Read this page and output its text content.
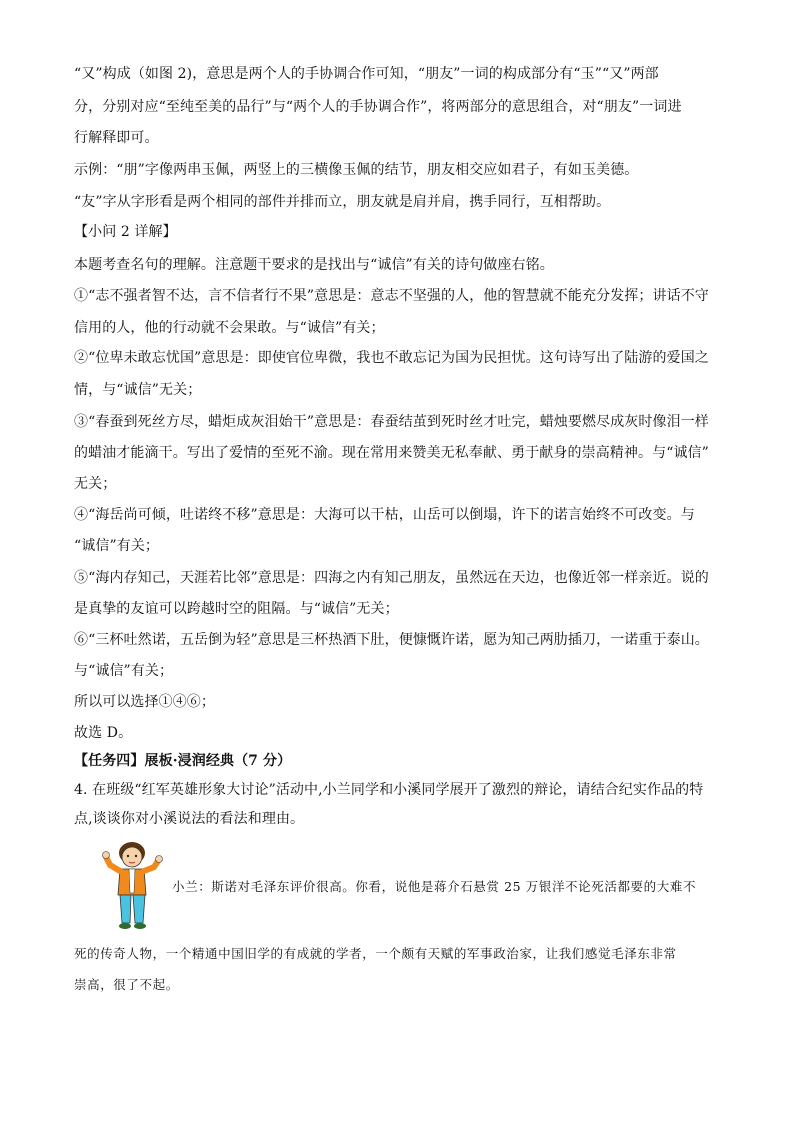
“又”构成（如图 2)，意思是两个人的手协调合作可知，“朋友”一词的构成部分有“玉”“又”两部
分，分别对应“至纯至美的品行”与“两个人的手协调合作”，将两部分的意思组合，对“朋友”一词进
行解释即可。
示例：“朋”字像两串玉佩，两竖上的三横像玉佩的结节，朋友相交应如君子，有如玉美德。
“友”字从字形看是两个相同的部件并排而立，朋友就是肩并肩，携手同行，互相帮助。
【小问 2 详解】
本题考查名句的理解。注意题干要求的是找出与“诚信”有关的诗句做座右铭。
①“志不强者智不达，言不信者行不果”意思是：意志不坚强的人，他的智慧就不能充分发挥；讲话不守
信用的人，他的行动就不会果敢。与“诚信”有关；
②“位卑未敢忘忧国”意思是：即使官位卑微，我也不敢忘记为国为民担忧。这句诗写出了陆游的爱国之
情，与“诚信”无关；
③“春蚕到死丝方尽，蜡炬成灰泪始干”意思是：春蚕结茧到死时丝才吐完，蜡烛要燃尽成灰时像泪一样
的蜡油才能滴干。写出了爱情的至死不渝。现在常用来赞美无私奉献、勇于献身的崇高精神。与“诚信”
无关；
④“海岳尚可倾，吐诺终不移”意思是：大海可以干枯，山岳可以倒塌，许下的诺言始终不可改变。与
“诚信”有关；
⑤“海内存知己，天涯若比邻”意思是：四海之内有知己朋友，虽然远在天边，也像近邻一样亲近。说的
是真挚的友谊可以跨越时空的阻隔。与“诚信”无关；
⑥“三杯吐然诺，五岳倒为轻”意思是三杯热酒下肚，便慷慨许诺，愿为知己两肋插刀，一诺重于泰山。
与“诚信”有关；
所以可以选择①④⑥；
故选 D。
【任务四】展板·浸润经典（7 分）
4. 在班级“红军英雄形象大讨论”活动中,小兰同学和小溪同学展开了激烈的辩论，请结合纪实作品的特
点,谈谈你对小溪说法的看法和理由。
小兰：斯诺对毛泽东评价很高。你看，说他是蒋介石悬赏 25 万银洋不论死活都要的大难不
死的传奇人物，一个精通中国旧学的有成就的学者，一个颇有天赋的军事政治家，让我们感觉毛泽东非常
崇高，很了不起。
